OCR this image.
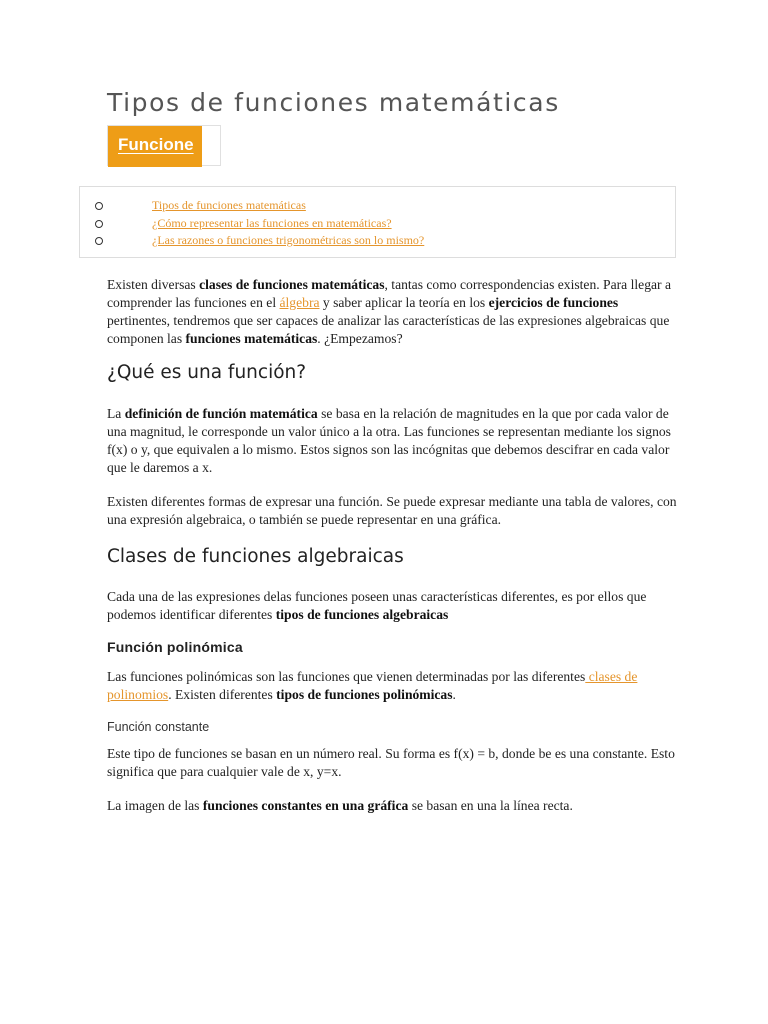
Tipos de funciones matemáticas
Funcione
Tipos de funciones matemáticas
¿Cómo representar las funciones en matemáticas?
¿Las razones o funciones trigonométricas son lo mismo?

Existen diversas clases de funciones matemáticas, tantas como correspondencias existen. Para llegar a comprender las funciones en el álgebra y saber aplicar la teoría en los ejercicios de funciones pertinentes, tendremos que ser capaces de analizar las características de las expresiones algebraicas que componen las funciones matemáticas. ¿Empezamos?

¿Qué es una función?

La definición de función matemática se basa en la relación de magnitudes en la que por cada valor de una magnitud, le corresponde un valor único a la otra. Las funciones se representan mediante los signos f(x) o y, que equivalen a lo mismo. Estos signos son las incógnitas que debemos descifrar en cada valor que le daremos a x.

Existen diferentes formas de expresar una función. Se puede expresar mediante una tabla de valores, con una expresión algebraica, o también se puede representar en una gráfica.

Clases de funciones algebraicas

Cada una de las expresiones delas funciones poseen unas características diferentes, es por ellos que podemos identificar diferentes tipos de funciones algebraicas

Función polinómica

Las funciones polinómicas son las funciones que vienen determinadas por las diferentes clases de polinomios. Existen diferentes tipos de funciones polinómicas.

Función constante

Este tipo de funciones se basan en un número real. Su forma es f(x) = b, donde be es una constante. Esto significa que para cualquier vale de x, y=x.

La imagen de las funciones constantes en una gráfica se basan en una la línea recta.
